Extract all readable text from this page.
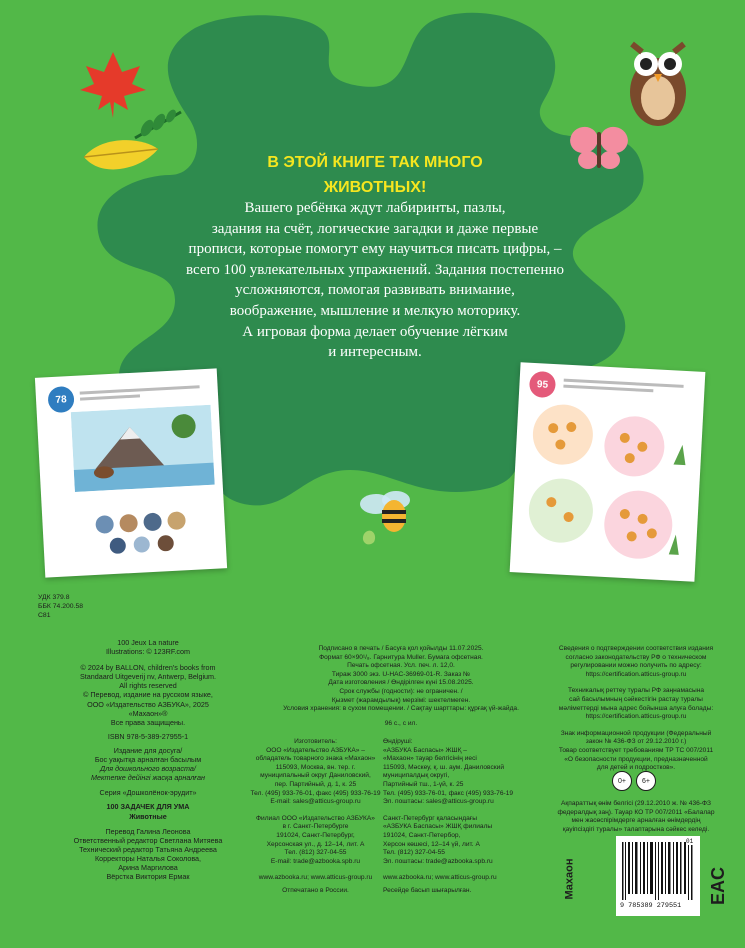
В ЭТОЙ КНИГЕ ТАК МНОГО
ЖИВОТНЫХ!
Вашего ребёнка ждут лабиринты, пазлы,
задания на счёт, логические загадки и даже первые
прописи, которые помогут ему научиться писать цифры, –
всего 100 увлекательных упражнений. Задания постепенно
усложняются, помогая развивать внимание,
воображение, мышление и мелкую моторику.
А игровая форма делает обучение лёгким
и интересным.
78
95
УДК 379.8
ББК 74.200.58
С81
100 Jeux La nature
Illustrations: © 123RF.com
© 2024 by BALLON, children's books from
Standaard Uitgeverij nv, Antwerp, Belgium.
All rights reserved
© Перевод, издание на русском языке,
ООО «Издательство АЗБУКА», 2025
«Махаон»®
Все права защищены.
ISBN 978-5-389-27955-1
Издание для досуга/
Бос уақытқа арналған басылым
Для дошкольного возраста/
Мектепке дейінгі жасқа арналған
Серия «Дошколёнок-эрудит»
100 ЗАДАЧЕК ДЛЯ УМА
Животные
Перевод Галина Леонова
Ответственный редактор Светлана Митяева
Технический редактор Татьяна Андреева
Корректоры Наталья Соколова,
Арина Маргилова
Вёрстка Виктория Ермак
Подписано в печать / Басуға қол қойылды 11.07.2025.
Формат 60×90¹/₈. Гарнитура Muller. Бумага офсетная.
Печать офсетная. Усл. печ. л. 12,0.
Тираж 3000 экз. U-HAC-36969-01-R. Заказ №
Дата изготовления / Өндірілген күні 15.08.2025.
Срок службы (годности): не ограничен. /
Қызмет (жарамдылық) мерзімі: шектелмеген.
Условия хранения: в сухом помещении. / Сақтау шарттары: құрғақ үй-жайда.
96 с., с ил.
Изготовитель:
ООО «Издательство АЗБУКА» –
обладатель товарного знака «Махаон»
115093, Москва, вн. тер. г.
муниципальный округ Даниловский,
пер. Партийный, д. 1, к. 25
Тел. (495) 933-76-01, факс (495) 933-76-19
E-mail: sales@atticus-group.ru
Филиал ООО «Издательство АЗБУКА»
в г. Санкт-Петербурге
191024, Санкт-Петербург,
Херсонская ул., д. 12–14, лит. А
Тел. (812) 327-04-55
E-mail: trade@azbooka.spb.ru
www.azbooka.ru; www.atticus-group.ru
Отпечатано в России.
Өндіруші:
«АЗБУКА Баспасы» ЖШҚ –
«Махаон» тауар белгісінің иесі
115093, Мәскеу, қ. ш. аум. Даниловский
муниципалдық округі,
Партийный тш., 1-үй, к. 25
Тел. (495) 933-76-01, факс (495) 933-76-19
Эл. поштасы: sales@atticus-group.ru
Санкт-Петербург қаласындағы
«АЗБУКА Баспасы» ЖШҚ филиалы
191024, Санкт-Петербор,
Херсон көшесі, 12–14 үй, лит. А
Тел. (812) 327-04-55
Эл. поштасы: trade@azbooka.spb.ru
www.azbooka.ru; www.atticus-group.ru
Ресейде басып шығарылған.
Сведения о подтверждении соответствия издания
согласно законодательству РФ о техническом
регулировании можно получить по адресу:
https://certification.atticus-group.ru
Техникалық реттеу туралы РФ заңнамасына
сай басылымның сәйкестігін растау туралы
мәліметтерді мына адрес бойынша алуға болады:
https://certification.atticus-group.ru
Знак информационной продукции (Федеральный
закон № 436-ФЗ от 29.12.2010 г.)
Товар соответствует требованиям ТР ТС 007/2011
«О безопасности продукции, предназначенной
для детей и подростков».
0+	6+
Ақпараттық өнім белгісі (29.12.2010 ж. № 436-ФЗ
федералдық заң). Тауар КО ТР 007/2011 «Балалар
мен жасөспірімдерге арналған өнімдердің
қауіпсіздігі туралы» талаптарына сәйкес келеді.
Махаон
9 785389 279551
01
EAC
